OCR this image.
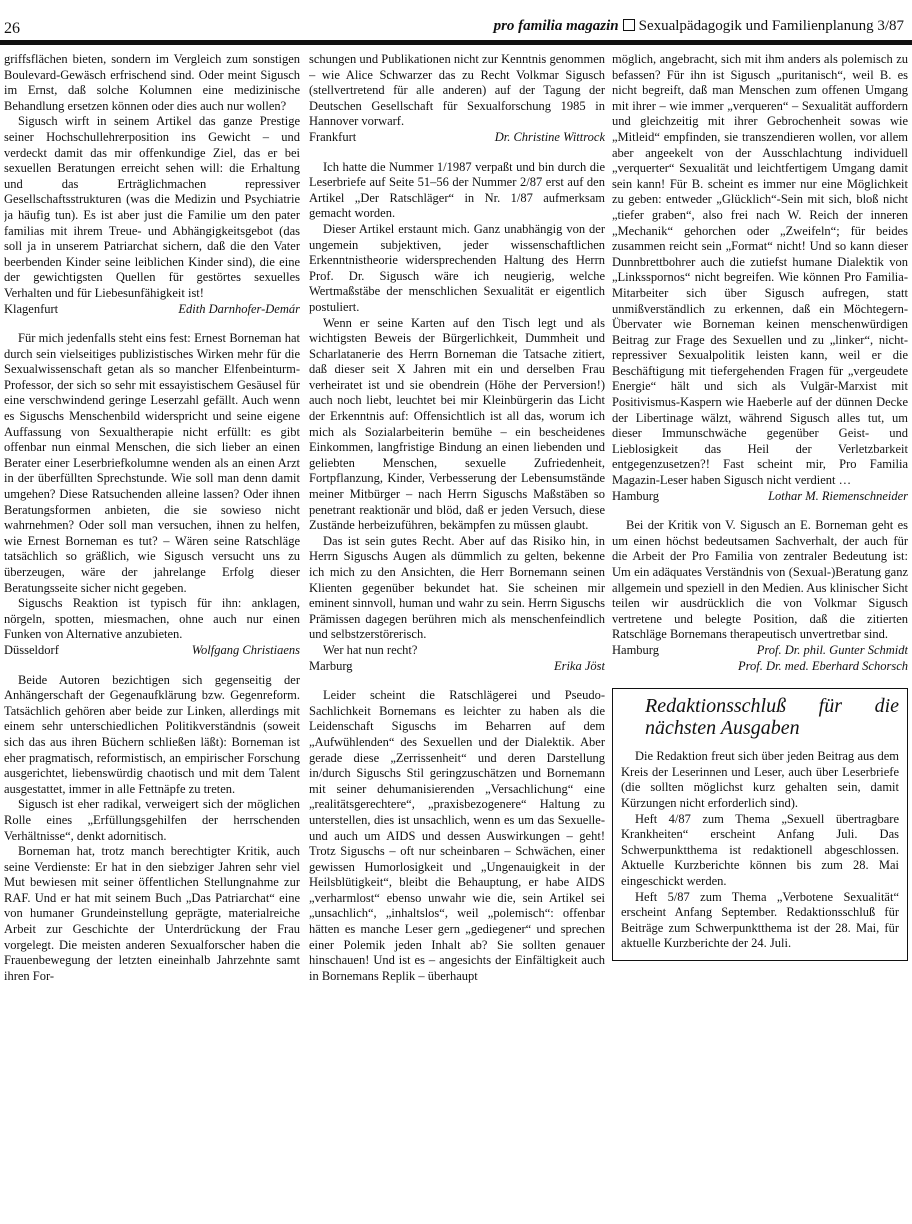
26	pro familia magazin Sexualpädagogik und Familienplanung 3/87

griffsflächen bieten, sondern im Vergleich zum sonstigen Boulevard-Gewäsch erfrischend sind. Oder meint Sigusch im Ernst, daß solche Kolumnen eine medizinische Behandlung ersetzen können oder dies auch nur wollen?

Sigusch wirft in seinem Artikel das ganze Prestige seiner Hochschullehrerposition ins Gewicht – und verdeckt damit das mir offenkundige Ziel, das er bei sexuellen Beratungen erreicht sehen will: die Erhaltung und das Erträglichmachen repressiver Gesellschaftsstrukturen (was die Medizin und Psychiatrie ja häufig tun). Es ist aber just die Familie um den pater familias mit ihrem Treue- und Abhängigkeitsgebot (das soll ja in unserem Patriarchat sichern, daß die den Vater beerbenden Kinder seine leiblichen Kinder sind), die eine der gewichtigsten Quellen für gestörtes sexuelles Verhalten und für Liebesunfähigkeit ist!

Klagenfurt	Edith Darnhofer-Demár

Für mich jedenfalls steht eins fest: Ernest Borneman hat durch sein vielseitiges publizistisches Wirken mehr für die Sexualwissenschaft getan als so mancher Elfenbeinturm-Professor, der sich so sehr mit essayistischem Gesäusel für eine verschwindend geringe Leserzahl gefällt. Auch wenn es Siguschs Menschenbild widerspricht und seine eigene Auffassung von Sexualtherapie nicht erfüllt: es gibt offenbar nun einmal Menschen, die sich lieber an einen Berater einer Leserbriefkolumne wenden als an einen Arzt in der überfüllten Sprechstunde. Wie soll man denn damit umgehen? Diese Ratsuchenden alleine lassen? Oder ihnen Beratungsformen anbieten, die sie sowieso nicht wahrnehmen? Oder soll man versuchen, ihnen zu helfen, wie Ernest Borneman es tut? – Wären seine Ratschläge tatsächlich so gräßlich, wie Sigusch versucht uns zu überzeugen, wäre der jahrelange Erfolg dieser Beratungsseite sicher nicht gegeben.

Siguschs Reaktion ist typisch für ihn: anklagen, nörgeln, spotten, miesmachen, ohne auch nur einen Funken von Alternative anzubieten.

Düsseldorf	Wolfgang Christiaens

Beide Autoren bezichtigen sich gegenseitig der Anhängerschaft der Gegenaufklärung bzw. Gegenreform. Tatsächlich gehören aber beide zur Linken, allerdings mit einem sehr unterschiedlichen Politikverständnis (soweit sich das aus ihren Büchern schließen läßt): Borneman ist eher pragmatisch, reformistisch, an empirischer Forschung ausgerichtet, liebenswürdig chaotisch und mit dem Talent ausgestattet, immer in alle Fettnäpfe zu treten.

Sigusch ist eher radikal, verweigert sich der möglichen Rolle eines „Erfüllungsgehilfen der herrschenden Verhältnisse“, denkt adornitisch.

Borneman hat, trotz manch berechtigter Kritik, auch seine Verdienste: Er hat in den siebziger Jahren sehr viel Mut bewiesen mit seiner öffentlichen Stellungnahme zur RAF. Und er hat mit seinem Buch „Das Patriarchat“ eine von humaner Grundeinstellung geprägte, materialreiche Arbeit zur Geschichte der Unterdrückung der Frau vorgelegt. Die meisten anderen Sexualforscher haben die Frauenbewegung der letzten eineinhalb Jahrzehnte samt ihren For-

schungen und Publikationen nicht zur Kenntnis genommen – wie Alice Schwarzer das zu Recht Volkmar Sigusch (stellvertretend für alle anderen) auf der Tagung der Deutschen Gesellschaft für Sexualforschung 1985 in Hannover vorwarf.

Frankfurt	Dr. Christine Wittrock

Ich hatte die Nummer 1/1987 verpaßt und bin durch die Leserbriefe auf Seite 51–56 der Nummer 2/87 erst auf den Artikel „Der Ratschläger“ in Nr. 1/87 aufmerksam gemacht worden.

Dieser Artikel erstaunt mich. Ganz unabhängig von der ungemein subjektiven, jeder wissenschaftlichen Erkenntnistheorie widersprechenden Haltung des Herrn Prof. Dr. Sigusch wäre ich neugierig, welche Wertmaßstäbe der menschlichen Sexualität er eigentlich postuliert.

Wenn er seine Karten auf den Tisch legt und als wichtigsten Beweis der Bürgerlichkeit, Dummheit und Scharlatanerie des Herrn Borneman die Tatsache zitiert, daß dieser seit X Jahren mit ein und derselben Frau verheiratet ist und sie obendrein (Höhe der Perversion!) auch noch liebt, leuchtet bei mir Kleinbürgerin das Licht der Erkenntnis auf: Offensichtlich ist all das, worum ich mich als Sozialarbeiterin bemühe – ein bescheidenes Einkommen, langfristige Bindung an einen liebenden und geliebten Menschen, sexuelle Zufriedenheit, Fortpflanzung, Kinder, Verbesserung der Lebensumstände meiner Mitbürger – nach Herrn Siguschs Maßstäben so penetrant reaktionär und blöd, daß er jeden Versuch, diese Zustände herbeizuführen, bekämpfen zu müssen glaubt.

Das ist sein gutes Recht. Aber auf das Risiko hin, in Herrn Siguschs Augen als dümmlich zu gelten, bekenne ich mich zu den Ansichten, die Herr Bornemann seinen Klienten gegenüber bekundet hat. Sie scheinen mir eminent sinnvoll, human und wahr zu sein. Herrn Siguschs Prämissen dagegen berühren mich als menschenfeindlich und selbstzerstörerisch.

Wer hat nun recht?

Marburg	Erika Jöst

Leider scheint die Ratschlägerei und Pseudo-Sachlichkeit Bornemans es leichter zu haben als die Leidenschaft Siguschs im Beharren auf dem „Aufwühlenden“ des Sexuellen und der Dialektik. Aber gerade diese „Zerrissenheit“ und deren Darstellung in/durch Siguschs Stil geringzuschätzen und Bornemann mit seiner dehumanisierenden „Versachlichung“ eine „realitätsgerechtere“, „praxisbezogenere“ Haltung zu unterstellen, dies ist unsachlich, wenn es um das Sexuelle- und auch um AIDS und dessen Auswirkungen – geht! Trotz Siguschs – oft nur scheinbaren – Schwächen, einer gewissen Humorlosigkeit und „Ungenauigkeit in der Heilsblütigkeit“, bleibt die Behauptung, er habe AIDS „verharmlost“ ebenso unwahr wie die, sein Artikel sei „unsachlich“, „inhaltslos“, weil „polemisch“: offenbar hätten es manche Leser gern „gediegener“ und sprechen einer Polemik jeden Inhalt ab? Sie sollten genauer hinschauen! Und ist es – angesichts der Einfältigkeit auch in Bornemans Replik – überhaupt

möglich, angebracht, sich mit ihm anders als polemisch zu befassen? Für ihn ist Sigusch „puritanisch“, weil B. es nicht begreift, daß man Menschen zum offenen Umgang mit ihrer – wie immer „verqueren“ – Sexualität auffordern und gleichzeitig mit ihrer Gebrochenheit sowas wie „Mitleid“ empfinden, sie transzendieren wollen, vor allem aber angeekelt von der Ausschlachtung individuell „verquerter“ Sexualität und leichtfertigem Umgang damit sein kann! Für B. scheint es immer nur eine Möglichkeit zu geben: entweder „Glücklich“-Sein mit sich, bloß nicht „tiefer graben“, also frei nach W. Reich der inneren „Mechanik“ gehorchen oder „Zweifeln“; für beides zusammen reicht sein „Format“ nicht! Und so kann dieser Dunnbrettbohrer auch die zutiefst humane Dialektik von „Linksspornos“ nicht begreifen. Wie können Pro Familia-Mitarbeiter sich über Sigusch aufregen, statt unmißverständlich zu erkennen, daß ein Möchtegern-Übervater wie Borneman keinen menschenwürdigen Beitrag zur Frage des Sexuellen und zu „linker“, nicht-repressiver Sexualpolitik leisten kann, weil er die Beschäftigung mit tiefergehenden Fragen für „vergeudete Energie“ hält und sich als Vulgär-Marxist mit Positivismus-Kaspern wie Haeberle auf der dünnen Decke der Libertinage wälzt, während Sigusch alles tut, um dieser Immunschwäche gegenüber Geist- und Lieblosigkeit das Heil der Verletzbarkeit entgegenzusetzen?! Fast scheint mir, Pro Familia Magazin-Leser haben Sigusch nicht verdient …

Hamburg	Lothar M. Riemenschneider

Bei der Kritik von V. Sigusch an E. Borneman geht es um einen höchst bedeutsamen Sachverhalt, der auch für die Arbeit der Pro Familia von zentraler Bedeutung ist: Um ein adäquates Verständnis von (Sexual-)Beratung ganz allgemein und speziell in den Medien. Aus klinischer Sicht teilen wir ausdrücklich die von Volkmar Sigusch vertretene und belegte Position, daß die zitierten Ratschläge Bornemans therapeutisch unvertretbar sind.

Hamburg	Prof. Dr. phil. Gunter Schmidt
Prof. Dr. med. Eberhard Schorsch
Redaktionsschluß für die nächsten Ausgaben

Die Redaktion freut sich über jeden Beitrag aus dem Kreis der Leserinnen und Leser, auch über Leserbriefe (die sollten möglichst kurz gehalten sein, damit Kürzungen nicht erforderlich sind).

Heft 4/87 zum Thema „Sexuell übertragbare Krankheiten“ erscheint Anfang Juli. Das Schwerpunktthema ist redaktionell abgeschlossen. Aktuelle Kurzberichte können bis zum 28. Mai eingeschickt werden.

Heft 5/87 zum Thema „Verbotene Sexualität“ erscheint Anfang September. Redaktionsschluß für Beiträge zum Schwerpunktthema ist der 28. Mai, für aktuelle Kurzberichte der 24. Juli.
